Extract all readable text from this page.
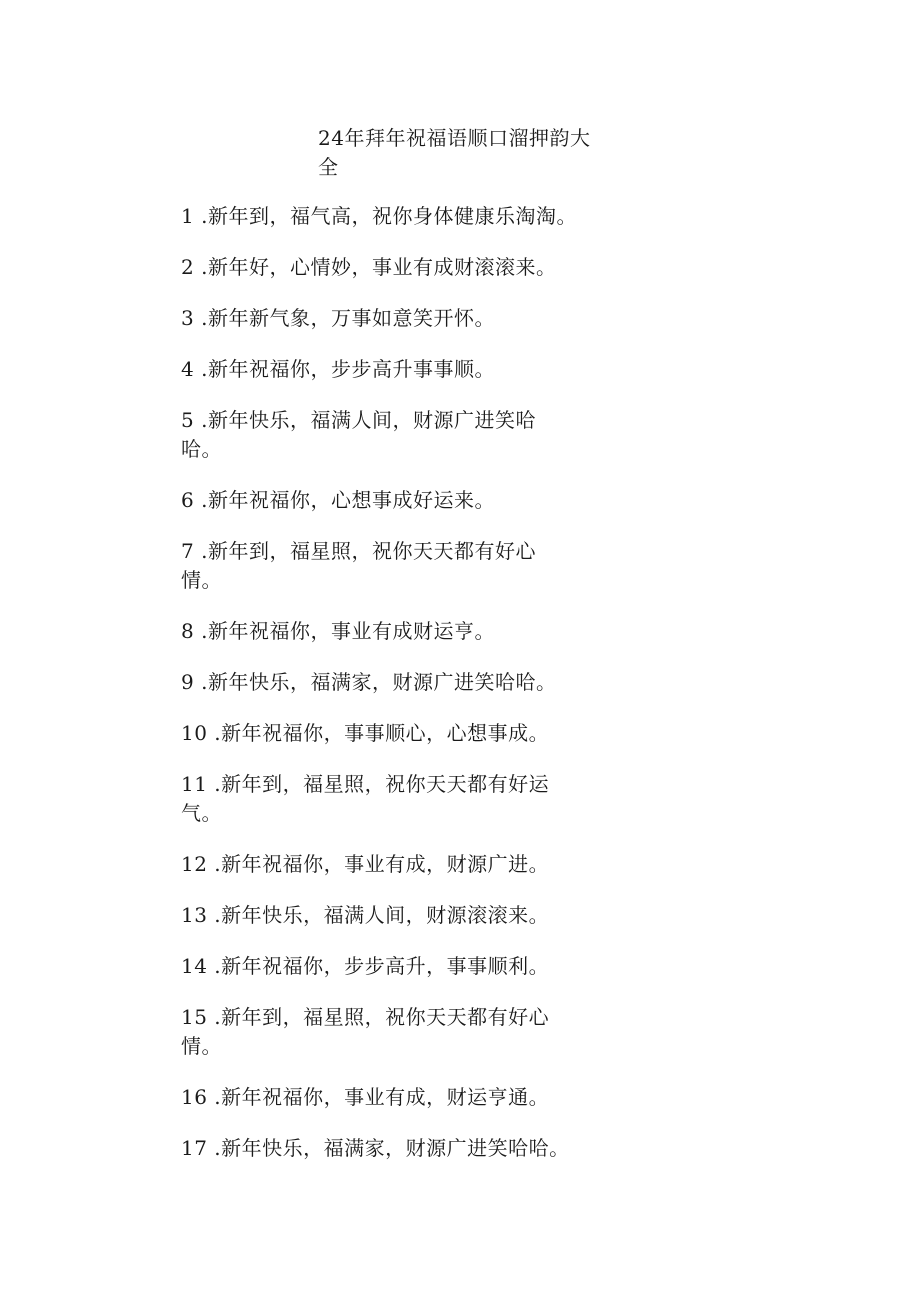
24年拜年祝福语顺口溜押韵大全
1 .新年到，福气高，祝你身体健康乐淘淘。
2 .新年好，心情妙，事业有成财滚滚来。
3 .新年新气象，万事如意笑开怀。
4 .新年祝福你，步步高升事事顺。
5 .新年快乐，福满人间，财源广进笑哈哈。
6 .新年祝福你，心想事成好运来。
7 .新年到，福星照，祝你天天都有好心情。
8 .新年祝福你，事业有成财运亨。
9 .新年快乐，福满家，财源广进笑哈哈。
10 .新年祝福你，事事顺心，心想事成。
11 .新年到，福星照，祝你天天都有好运气。
12 .新年祝福你，事业有成，财源广进。
13 .新年快乐，福满人间，财源滚滚来。
14 .新年祝福你，步步高升，事事顺利。
15 .新年到，福星照，祝你天天都有好心情。
16 .新年祝福你，事业有成，财运亨通。
17 .新年快乐，福满家，财源广进笑哈哈。
